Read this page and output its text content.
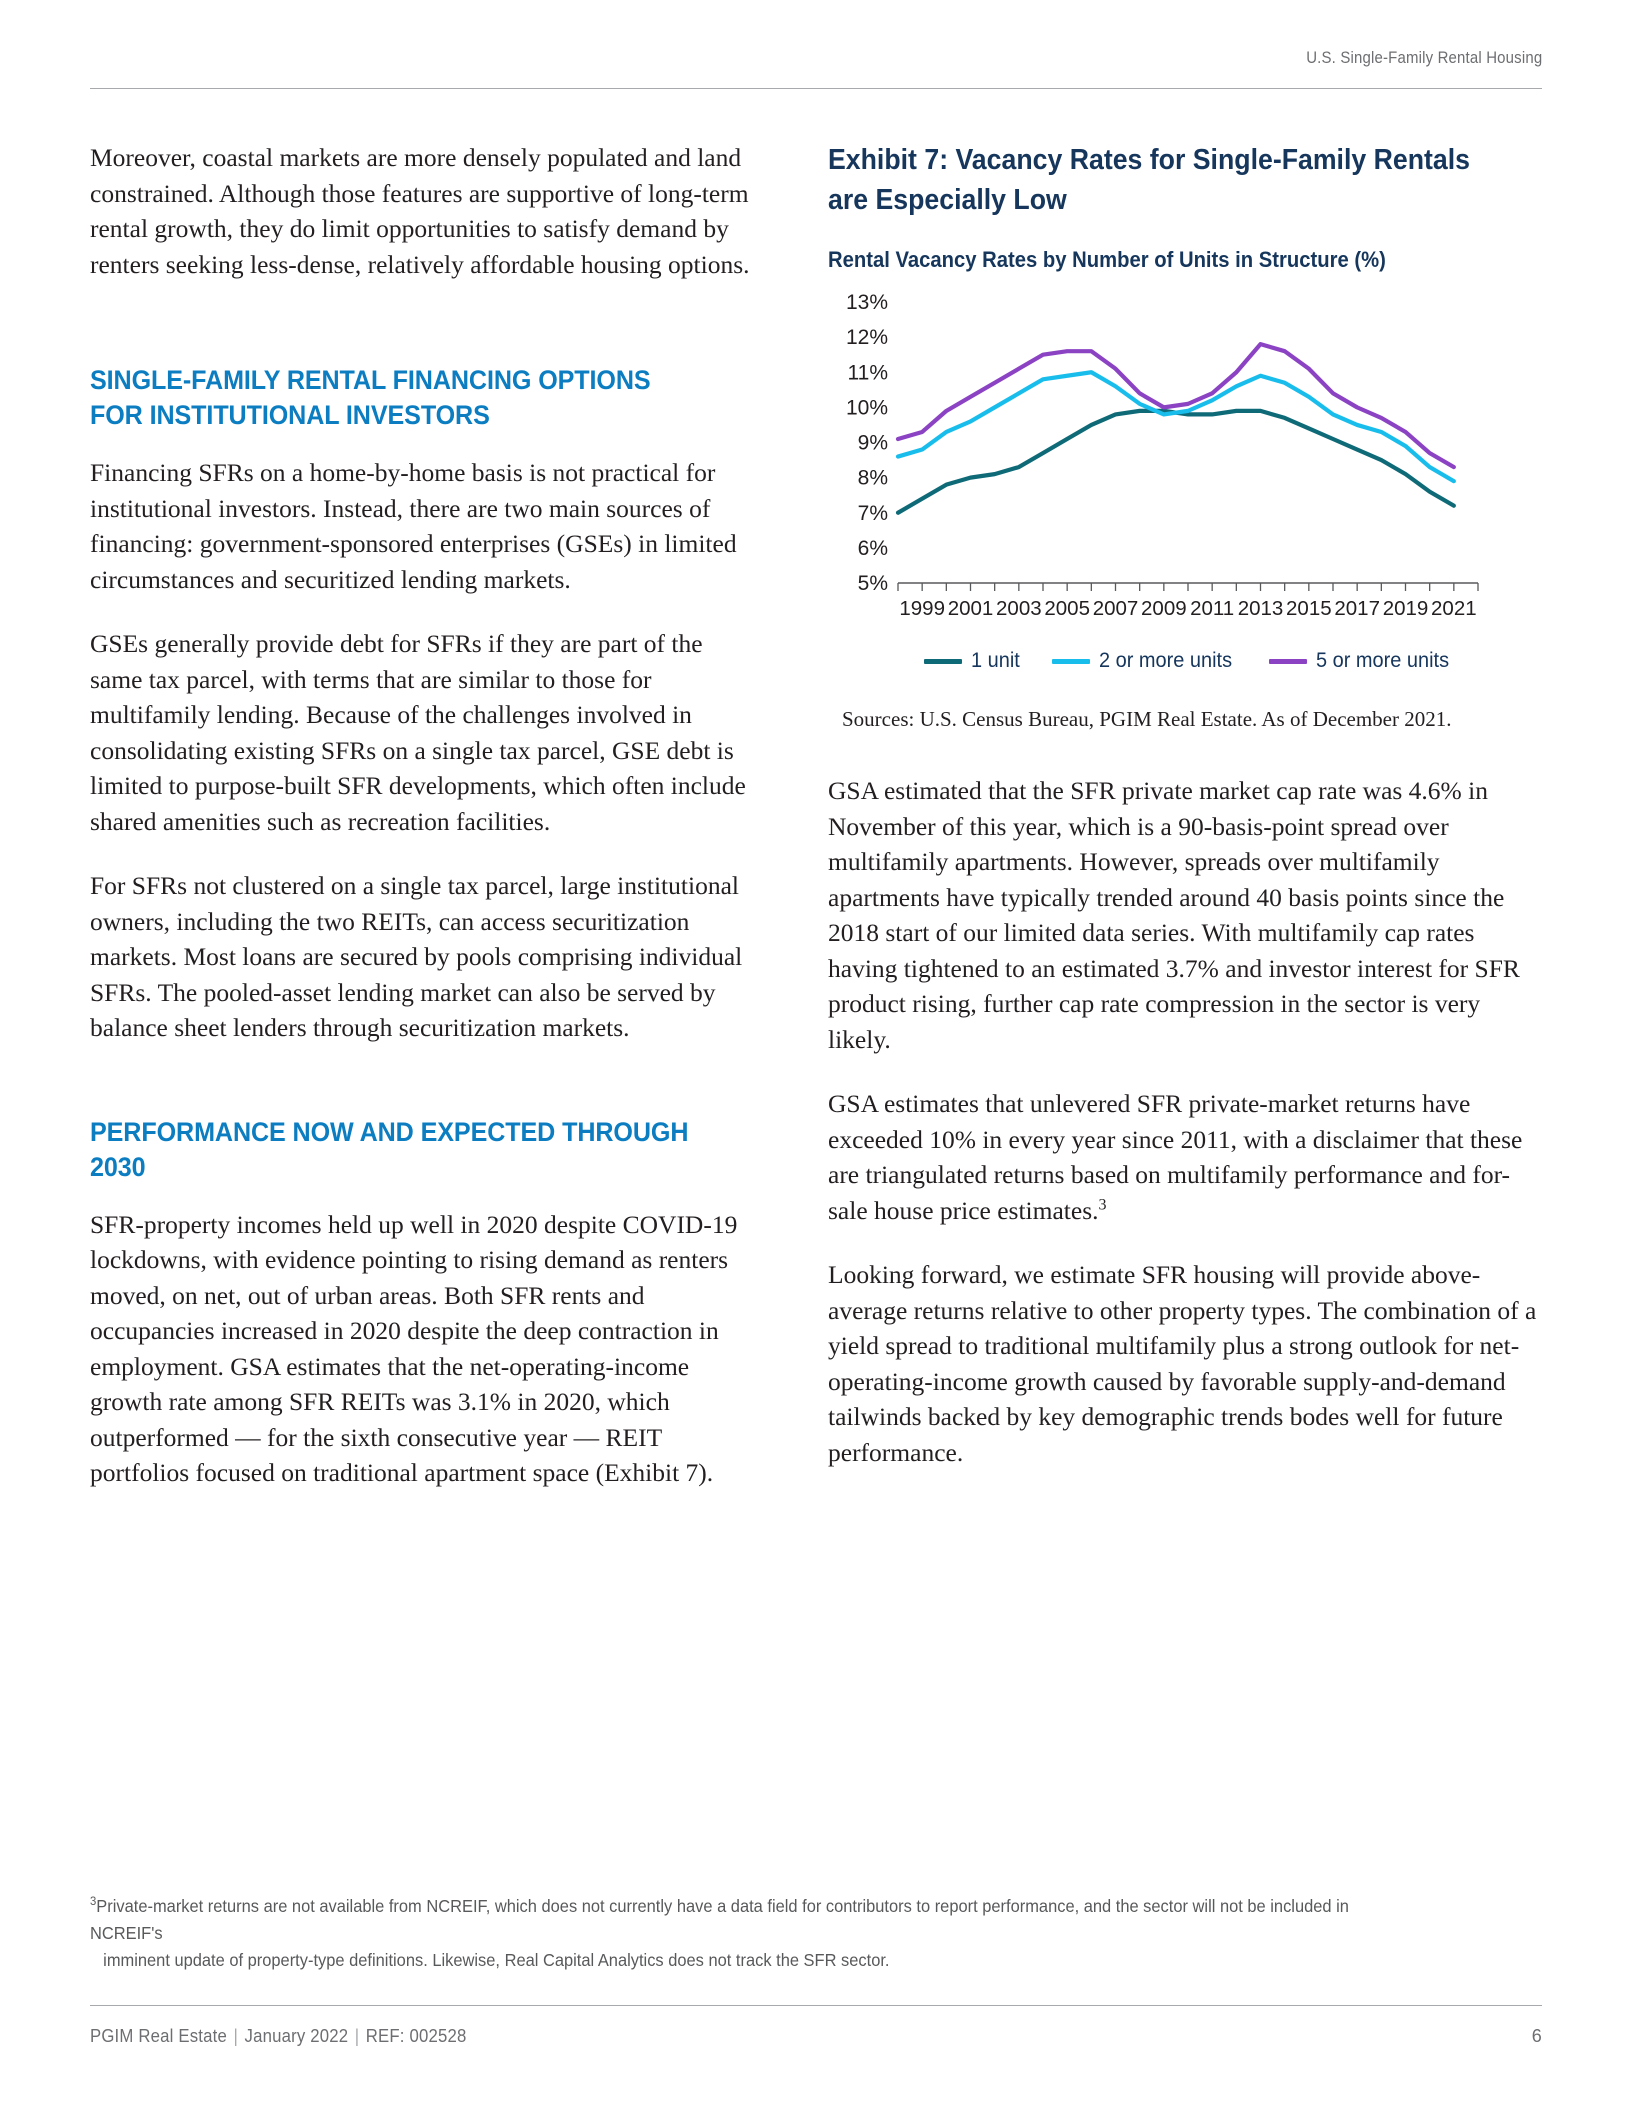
U.S. Single-Family Rental Housing

Moreover, coastal markets are more densely populated and land constrained. Although those features are supportive of long-term rental growth, they do limit opportunities to satisfy demand by renters seeking less-dense, relatively affordable housing options.

SINGLE-FAMILY RENTAL FINANCING OPTIONS FOR INSTITUTIONAL INVESTORS

Financing SFRs on a home-by-home basis is not practical for institutional investors. Instead, there are two main sources of financing: government-sponsored enterprises (GSEs) in limited circumstances and securitized lending markets.

GSEs generally provide debt for SFRs if they are part of the same tax parcel, with terms that are similar to those for multifamily lending. Because of the challenges involved in consolidating existing SFRs on a single tax parcel, GSE debt is limited to purpose-built SFR developments, which often include shared amenities such as recreation facilities.

For SFRs not clustered on a single tax parcel, large institutional owners, including the two REITs, can access securitization markets. Most loans are secured by pools comprising individual SFRs. The pooled-asset lending market can also be served by balance sheet lenders through securitization markets.

PERFORMANCE NOW AND EXPECTED THROUGH 2030

SFR-property incomes held up well in 2020 despite COVID-19 lockdowns, with evidence pointing to rising demand as renters moved, on net, out of urban areas. Both SFR rents and occupancies increased in 2020 despite the deep contraction in employment. GSA estimates that the net-operating-income growth rate among SFR REITs was 3.1% in 2020, which outperformed — for the sixth consecutive year — REIT portfolios focused on traditional apartment space (Exhibit 7).

Exhibit 7: Vacancy Rates for Single-Family Rentals are Especially Low
Rental Vacancy Rates by Number of Units in Structure (%)
5%
6%
7%
8%
9%
10%
11%
12%
13%
1999 2001 2003 2005 2007 2009 2011 2013 2015 2017 2019 2021
1 unit	2 or more units	5 or more units
Sources: U.S. Census Bureau, PGIM Real Estate. As of December 2021.

GSA estimated that the SFR private market cap rate was 4.6% in November of this year, which is a 90-basis-point spread over multifamily apartments. However, spreads over multifamily apartments have typically trended around 40 basis points since the 2018 start of our limited data series. With multifamily cap rates having tightened to an estimated 3.7% and investor interest for SFR product rising, further cap rate compression in the sector is very likely.

GSA estimates that unlevered SFR private-market returns have exceeded 10% in every year since 2011, with a disclaimer that these are triangulated returns based on multifamily performance and for-sale house price estimates.$^3$

Looking forward, we estimate SFR housing will provide above-average returns relative to other property types. The combination of a yield spread to traditional multifamily plus a strong outlook for net-operating-income growth caused by favorable supply-and-demand tailwinds backed by key demographic trends bodes well for future performance.

$^3$Private-market returns are not available from NCREIF, which does not currently have a data field for contributors to report performance, and the sector will not be included in NCREIF's
imminent update of property-type definitions. Likewise, Real Capital Analytics does not track the SFR sector.
PGIM Real Estate | January 2022 | REF: 002528	6
